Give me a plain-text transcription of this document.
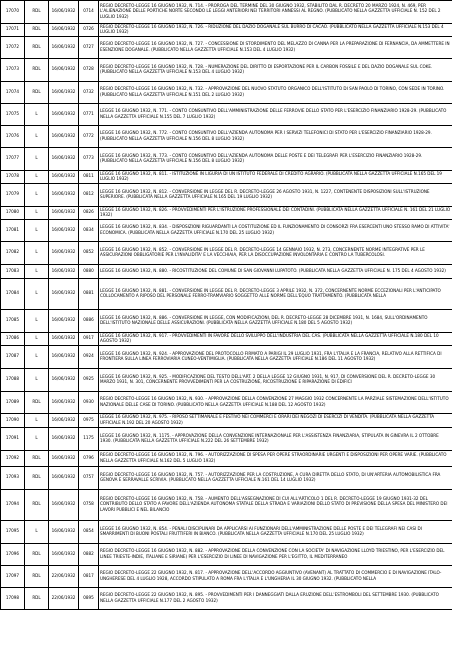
17070	RDL	16/06/1932	0714	REGIO DECRETO-LEGGE 16 GIUGNO 1932, N. 714. - PROROGA DEL TERMINE DEL 30 GIUGNO 1932, STABILITO DAL R. DECRETO 20 MARZO 1924, N. 469, PER L'ALIENAZIONE DELLE PORTICHE NORTE SECONDO LE LEGGI ANTERIORI NEI TERRITORI ANNESSI AL REGNO. (PUBBLICATO NELLA GAZZETTA UFFICIALE N. 152 DEL 2 LUGLIO 1932)
17071	RDL	16/06/1932	0726	REGIO DECRETO-LEGGE 16 GIUGNO 1932, N. 726. - RIDUZIONE DEL DAZIO DOGANALE SUL BURRO DI CACAO. (PUBBLICATO NELLA GAZZETTA UFFICIALE N.153 DEL 4 LUGLIO 1932)
17072	RDL	16/06/1932	0727	REGIO DECRETO-LEGGE 16 GIUGNO 1932, N. 727. - CONCESSIONE DI STORDIMENTO DEL MELAZZO DI CANNA PER LA PREPARAZIONE DI FERNANCIA, DA AMMETTERE IN ESENZIONE DOGANALE. (PUBBLICATO NELLA GAZZETTA UFFICIALE N.153 DEL 4 LUGLIO 1932)
17073	RDL	16/06/1932	0728	REGIO DECRETO-LEGGE 16 GIUGNO 1932, N. 728. - NUMERAZIONE DEL DIRITTO DI ESPORTAZIONE PER IL CARBON FOSSILE E DEL DAZIO DOGANALE SUL COKE. (PUBBLICATO NELLA GAZZETTA UFFICIALE N.153 DEL 4 LUGLIO 1932)
17074	RDL	16/06/1932	0732	REGIO DECRETO-LEGGE 16 GIUGNO 1932, N. 732. - APPROVAZIONE DEL NUOVO STATUTO ORGANICO DELL'ISTITUTO DI SAN PAOLO DI TORINO, CON SEDE IN TORINO. (PUBBLICATO NELLA GAZZETTA UFFICIALE N.151 DEL 2 LUGLIO 1932)
17075	L	16/06/1932	0771	LEGGE 16 GIUGNO 1932, N. 771. - CONTO CONSUNTIVO DELL'AMMINISTRAZIONE DELLE FERROVIE DELLO STATO PER L'ESERCIZIO FINANZIARIO 1928-29. (PUBBLICATO NELLA GAZZETTA UFFICIALE N.155 DEL 7 LUGLIO 1932)
17076	L	16/06/1932	0772	LEGGE 16 GIUGNO 1932, N. 772. - CONTO CONSUNTIVO DELL'AZIENDA AUTONOMA PER I SERVIZI TELEFONICI DI STATO PER L'ESERCIZIO FINANZIARIO 1928-29. (PUBBLICATO NELLA GAZZETTA UFFICIALE N.156 DEL 8 LUGLIO 1932)
17077	L	16/06/1932	0773	LEGGE 16 GIUGNO 1932, N. 773. - CONTO CONSUNTIVO DELL'AZIENDA AUTONOMA DELLE POSTE E DEI TELEGRAFI PER L'ESERCIZIO FINANZIARIO 1928-29. (PUBBLICATO NELLA GAZZETTA UFFICIALE N.156 DEL 8 LUGLIO 1932)
17078	L	16/06/1932	0811	LEGGE 16 GIUGNO 1932, N. 811. - ISTITUZIONE IN LIGURIA DI UN ISTITUTO FEDERALE DI CREDITO AGRARIO. (PUBBLICATA NELLA GAZZETTA UFFICIALE N.165 DEL 19 LUGLIO 1932)
17079	L	16/06/1932	0812	LEGGE 16 GIUGNO 1932, N. 812. - CONVERSIONE IN LEGGE DEL R. DECRETO-LEGGE 26 AGOSTO 1931, N. 1227, CONTENENTE DISPOSIZIONI SULL'ISTRUZIONE SUPERIORE. (PUBBLICATA NELLA GAZZETTA UFFICIALE N.165 DEL 19 LUGLIO 1932)
17080	L	16/06/1932	0826	LEGGE 16 GIUGNO 1932, N. 826. - PROVVEDIMENTI PER L'ISTRUZIONE PROFESSIONALE DEI CONTADINI. (PUBBLICATA NELLA GAZZETTA UFFICIALE N. 161 DEL 21 LUGLIO 1932)
17081	L	16/06/1932	0834	LEGGE 16 GIUGNO 1932, N. 834. - DISPOSIZIONI RIGUARDANTI LA COSTITUZIONE ED IL FUNZIONAMENTO DI CONSORZI FRA ESERCENTI UNO STESSO RAMO DI ATTIVITA' ECONOMICA. (PUBBLICATA NELLA GAZZETTA UFFICIALE N.170 DEL 25 LUGLIO 1932)
17082	L	16/06/1932	0852	LEGGE 16 GIUGNO 1932, N. 852. - CONVERSIONE IN LEGGE DEL R. DECRETO-LEGGE 14 GENNAIO 1932, N. 273, CONCERNENTE NORME INTEGRATIVE PER LE ASSICURAZIONI OBBLIGATORIE PER L'INVALIDITA' E LA VECCHIAIA, PER LA DISOCCUPAZIONE INVOLONTARIA E CONTRO LA TUBERCOLOSI.
17083	L	16/06/1932	0880	LEGGE 16 GIUGNO 1932, N. 880. - RICOSTITUZIONE DEL COMUNE DI SAN GIOVANNI LUPATOTO. (PUBBLICATA NELLA GAZZETTA UFFICIALE N. 175 DEL 4 AGOSTO 1932)
17084	L	16/06/1932	0881	LEGGE 16 GIUGNO 1932, N. 881. - CONVERSIONE IN LEGGE DEL R. DECRETO-LEGGE 3 APRILE 1932, N. 372, CONCERNENTE NORME ECCEZIONALI PER L'ANTICIPATO COLLOCAMENTO A RIPOSO DEL PERSONALE FERRO-TRAMVIARIO SOGGETTO ALLE NORME DELL'EQUO TRATTAMENTO. (PUBBLICATA NELLA
17085	L	16/06/1932	0886	LEGGE 16 GIUGNO 1932, N. 886. - CONVERSIONE IN LEGGE, CON MODIFICAZIONI, DEL R. DECRETO-LEGGE 28 DICEMBRE 1931, N. 1684, SULL'ORDINAMENTO DELL'ISTITUTO NAZIONALE DELLE ASSICURAZIONI. (PUBBLICATA NELLA GAZZETTA UFFICIALE N.180 DEL 5 AGOSTO 1932)
17086	L	16/06/1932	0917	LEGGE 16 GIUGNO 1932, N. 917. - PROVVEDIMENTI IN FAVORE DELLO SVILUPPO DELL'INDUSTRIA DEL CAS. (PUBBLICATA NELLA GAZZETTA UFFICIALE N.180 DEL 10 AGOSTO 1932)
17087	L	16/06/1932	0924	LEGGE 16 GIUGNO 1932, N. 924. - APPROVAZIONE DEL PROTOCOLLO FIRMATO A PARIGI IL 29 LUGLIO 1931, FRA L'ITALIA E LA FRANCIA, RELATIVO ALLA RETTIFICA DI FRONTIERA SULLA LINEA FERROVIARIA CUNEO-VENTIMIGLIA. (PUBBLICATA NELLA GAZZETTA UFFICIALE N.186 DEL 11 AGOSTO 1932)
17088	L	16/06/1932	0925	LEGGE 16 GIUGNO 1932, N. 925. - MODIFICAZIONE DEL TESTO DELL'ART. 2 DELLA LEGGE 12 GIUGNO 1931, N. 917, DI CONVERSIONE DEL R. DECRETO-LEGGE 30 MARZO 1931, N. 301, CONCERNENTE PROVVEDIMENTI PER LA COSTRUZIONE, RICOSTRUZIONE E RIPARAZIONE DI EDIFICI
17089	RDL	16/06/1932	0930	REGIO DECRETO-LEGGE 16 GIUGNO 1932, N. 930. - APPROVAZIONE DELLA CONVENZIONE 27 MAGGIO 1932 CONCERNENTE LA PARZIALE SISTEMAZIONE DELL'ISTITUTO NAZIONALE DELLE CASE DI TORINO. (PUBBLICATO NELLA GAZZETTA UFFICIALE N.188 DEL 12 AGOSTO 1932)
17090	L	16/06/1932	0975	LEGGE 16 GIUGNO 1932, N. 975. - RIPOSO SETTIMANALE E FESTIVO NEI COMMERCI E ORARI DEI NEGOZI DI ESERCIZI DI VENDITA. (PUBBLICATA NELLA GAZZETTA UFFICIALE N.192 DEL 20 AGOSTO 1932)
17091	L	16/06/1932	1175	LEGGE 16 GIUGNO 1932, N. 1175. - APPROVAZIONE DELLA CONVENZIONE INTERNAZIONALE PER L'ASSISTENZA FINANZIARIA, STIPULATA IN GINEVRA IL 2 OTTOBRE 1930. (PUBBLICATA NELLA GAZZETTA UFFICIALE N.222 DEL 26 SETTEMBRE 1932)
17092	RDL	16/06/1932	0796	REGIO DECRETO-LEGGE 16 GIUGNO 1932, N. 796. - AUTORIZZAZIONE DI SPESA PER OPERE STRAORDINARIE URGENTI E DISPOSIZIONI PER OPERE VARIE. (PUBBLICATO NELLA GAZZETTA UFFICIALE N.162 DEL 5 LUGLIO 1932)
17093	RDL	16/06/1932	0757	REGIO DECRETO-LEGGE 16 GIUGNO 1932, N. 757. - AUTORIZZAZIONE PER LA COSTRUZIONE, A CURA DIRETTA DELLO STATO, DI UN'ARTERIA AUTOMOBILISTICA FRA GENOVA E SERRAVALLE SCRIVIA. (PUBBLICATO NELLA GAZZETTA UFFICIALE N.161 DEL 14 LUGLIO 1932)
17094	RDL	16/06/1932	0758	REGIO DECRETO-LEGGE 16 GIUGNO 1932, N. 758. - AUMENTO DELL'ASSEGNAZIONE DI CUI ALL'ARTICOLO 1 DEL R. DECRETO-LEGGE 19 GIUGNO 1931-32 DEL CONTRIBUTO DELLO STATO A FAVORE DELL'AZIENDA AUTONOMA STATALE DELLA STRADA E VARIAZIONI DELLO STATO DI PREVISIONE DELLA SPESA DEL MINISTERO DEI LAVORI PUBBLICI E NEL BILANCIO
17095	L	16/06/1932	0854	LEGGE 16 GIUGNO 1932, N. 854. - PENALI DISCIPLINARI DA APPLICARSI AI FUNZIONARI DELL'AMMINISTRAZIONE DELLE POSTE E DEI TELEGRAFI NEI CASI DI SMARRIMENTI DI BUONI POSTALI FRUTTIFERI IN BIANCO. (PUBBLICATA NELLA GAZZETTA UFFICIALE N.170 DEL 25 LUGLIO 1932)
17096	RDL	16/06/1932	0882	REGIO DECRETO-LEGGE 16 GIUGNO 1932, N. 882. - APPROVAZIONE DELLA CONVENZIONE CON LA SOCIETA' DI NAVIGAZIONE LLOYD TRIESTINO, PER L'ESERCIZIO DEL LINEE TRIESTE-INDIE, ITALIANE E SIRIANE) PER L'ESERCIZIO DI LINEE DI NAVIGAZIONE PER L'EGITTO, IL MEDITERRANEO
17097	RDL	22/06/1932	0817	REGIO DECRETO-LEGGE 22 GIUGNO 1932, N. 817. - APPROVAZIONE DELL'ACCORDO AGGIUNTIVO (AVENANT) AL TRATTATO DI COMMERCIO E DI NAVIGAZIONE ITALO-UNGHERESE DEL 4 LUGLIO 1928, ACCORDO STIPULATO A ROMA FRA L'ITALIA E L'UNGHERIA IL 30 GIUGNO 1932. (PUBBLICATO NELLA
17098	RDL	22/06/1932	0895	REGIO DECRETO-LEGGE 22 GIUGNO 1932, N. 895. - PROVVEDIMENTI PER I DANNEGGIATI DALLA ERUZIONE DELL'ESTROMBOLI DEL SETTEMBRE 1930. (PUBBLICATO NELLA GAZZETTA UFFICIALE N.177 DEL 2 AGOSTO 1932)
